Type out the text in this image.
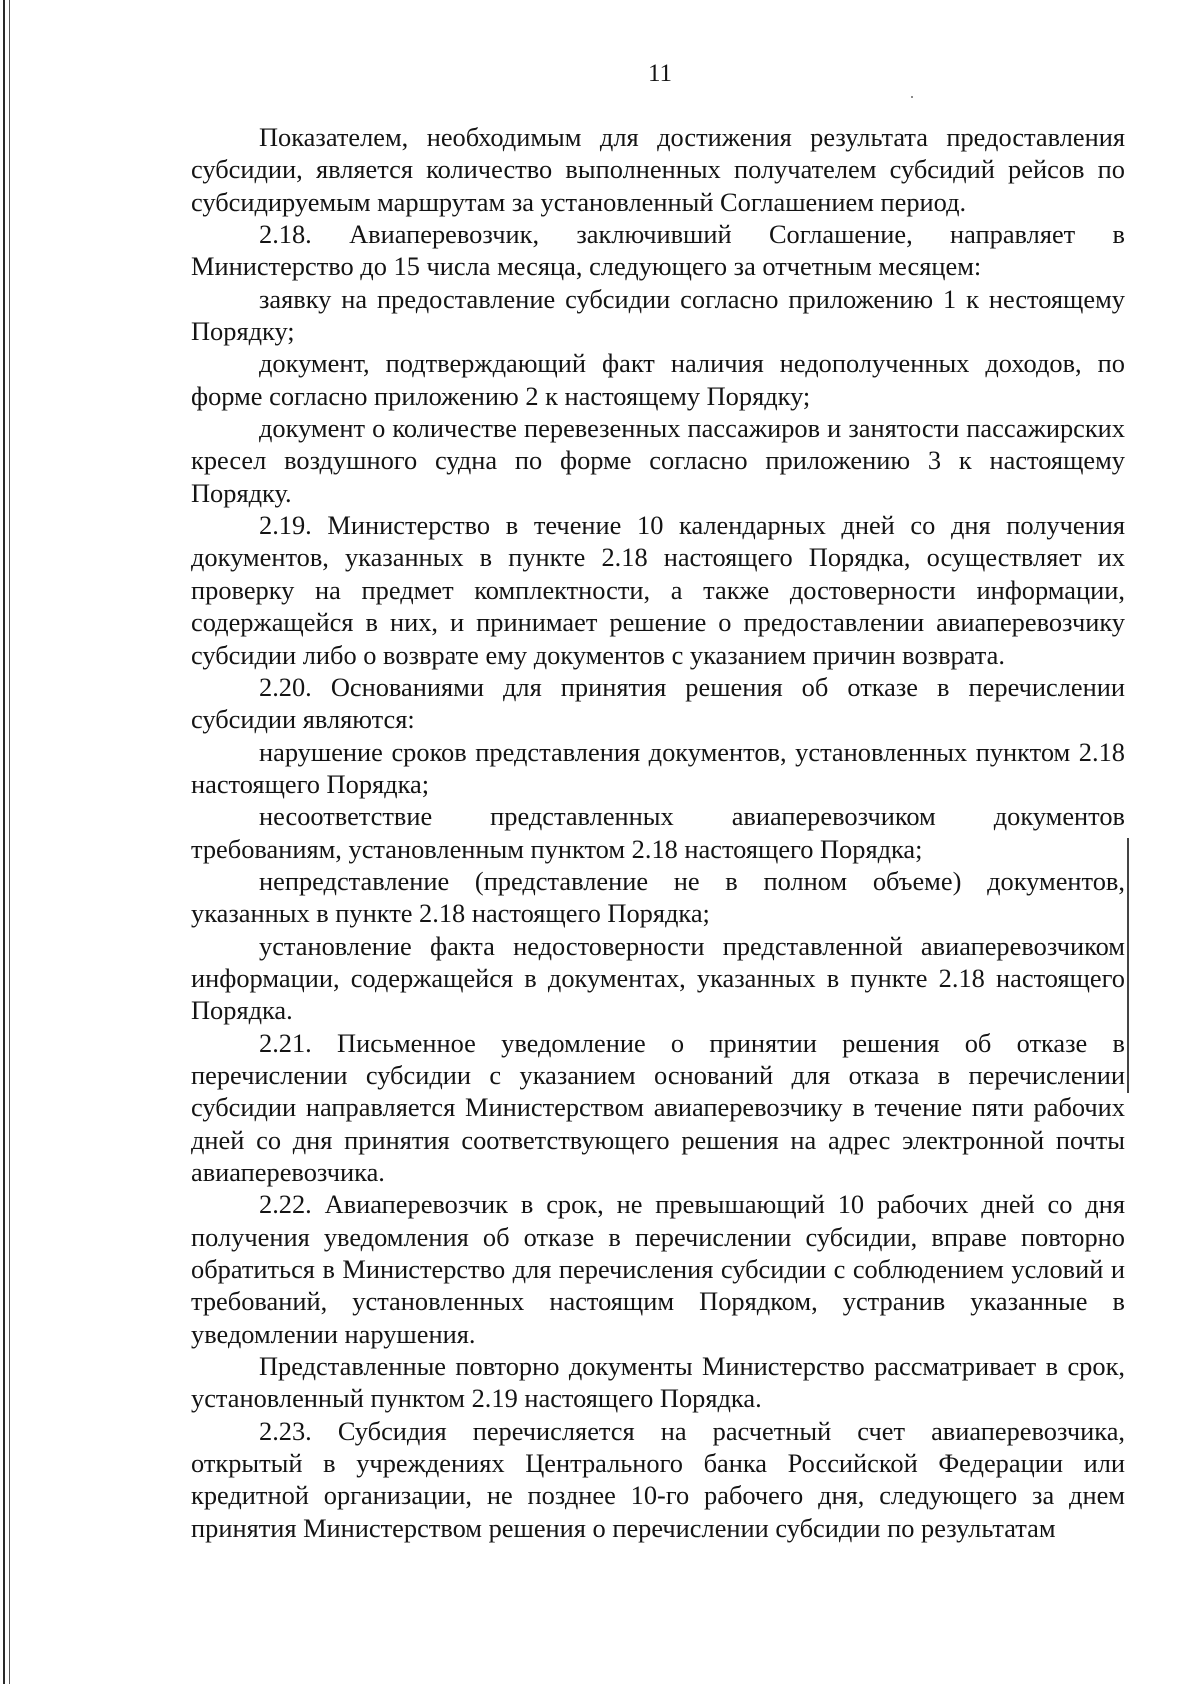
11

Показателем, необходимым для достижения результата предоставления субсидии, является количество выполненных получателем субсидий рейсов по субсидируемым маршрутам за установленный Соглашением период.

2.18. Авиаперевозчик, заключивший Соглашение, направляет в Министерство до 15 числа месяца, следующего за отчетным месяцем:

заявку на предоставление субсидии согласно приложению 1 к нестоящему Порядку;

документ, подтверждающий факт наличия недополученных доходов, по форме согласно приложению 2 к настоящему Порядку;

документ о количестве перевезенных пассажиров и занятости пассажирских кресел воздушного судна по форме согласно приложению 3 к настоящему Порядку.

2.19. Министерство в течение 10 календарных дней со дня получения документов, указанных в пункте 2.18 настоящего Порядка, осуществляет их проверку на предмет комплектности, а также достоверности информации, содержащейся в них, и принимает решение о предоставлении авиаперевозчику субсидии либо о возврате ему документов с указанием причин возврата.

2.20. Основаниями для принятия решения об отказе в перечислении субсидии являются:

нарушение сроков представления документов, установленных пунктом 2.18 настоящего Порядка;

несоответствие представленных авиаперевозчиком документов требованиям, установленным пунктом 2.18 настоящего Порядка;

непредставление (представление не в полном объеме) документов, указанных в пункте 2.18 настоящего Порядка;

установление факта недостоверности представленной авиаперевозчиком информации, содержащейся в документах, указанных в пункте 2.18 настоящего Порядка.

2.21. Письменное уведомление о принятии решения об отказе в перечислении субсидии с указанием оснований для отказа в перечислении субсидии направляется Министерством авиаперевозчику в течение пяти рабочих дней со дня принятия соответствующего решения на адрес электронной почты авиаперевозчика.

2.22. Авиаперевозчик в срок, не превышающий 10 рабочих дней со дня получения уведомления об отказе в перечислении субсидии, вправе повторно обратиться в Министерство для перечисления субсидии с соблюдением условий и требований, установленных настоящим Порядком, устранив указанные в уведомлении нарушения.

Представленные повторно документы Министерство рассматривает в срок, установленный пунктом 2.19 настоящего Порядка.

2.23. Субсидия перечисляется на расчетный счет авиаперевозчика, открытый в учреждениях Центрального банка Российской Федерации или кредитной организации, не позднее 10-го рабочего дня, следующего за днем принятия Министерством решения о перечислении субсидии по результатам
